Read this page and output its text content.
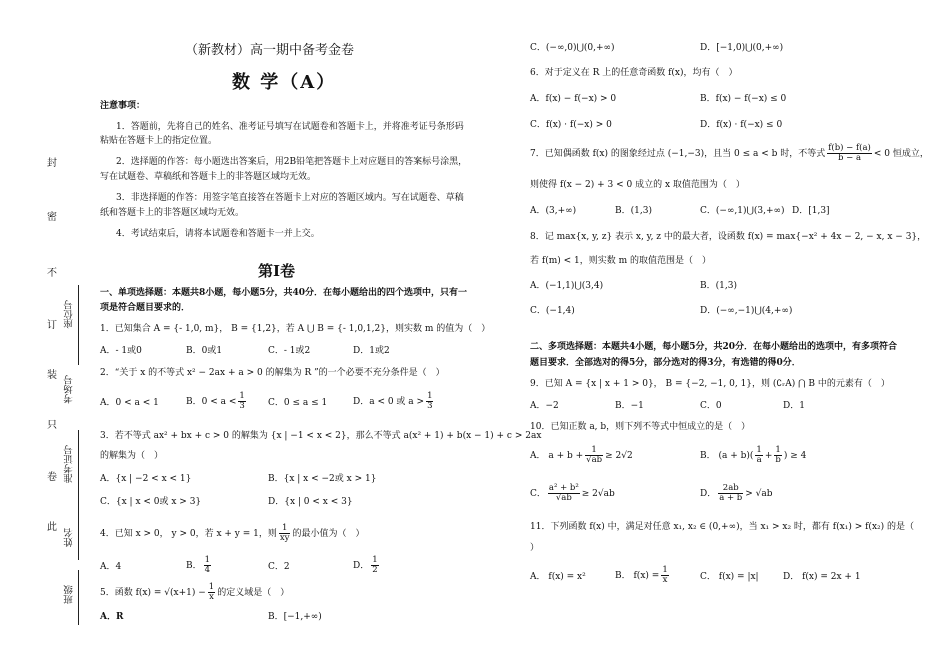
封
密
不
订
装
只
卷
此
座位号
考场号
准考证号
姓名
班级
（新教材）高一期中备考金卷
数 学（A）
注意事项：
1．答题前，先将自己的姓名、准考证号填写在试题卷和答题卡上，并将准考证号条形码
粘贴在答题卡上的指定位置。
2．选择题的作答：每小题选出答案后，用2B铅笔把答题卡上对应题目的答案标号涂黑，
写在试题卷、草稿纸和答题卡上的非答题区域均无效。
3．非选择题的作答：用签字笔直接答在答题卡上对应的答题区域内。写在试题卷、草稿
纸和答题卡上的非答题区域均无效。
4．考试结束后，请将本试题卷和答题卡一并上交。
第Ⅰ卷
一、单项选择题：本题共8小题，每小题5分，共40分．在每小题给出的四个选项中，只有一
项是符合题目要求的．
1．已知集合 A = {- 1,0, m}， B = {1,2}，若 A ⋃ B = {- 1,0,1,2}，则实数 m 的值为（　）
A．- 1或0	B．0或1	C．- 1或2	D．1或2
2．“关于 x 的不等式 x² − 2ax + a > 0 的解集为 R ”的一个必要不充分条件是（　）
A．0 < a < 1	B．$0 < a < \frac{1}{3}$ C．0 ≤ a ≤ 1	D．a < 0 或 $a > \frac{1}{3}$
3．若不等式 ax² + bx + c > 0 的解集为 {x | −1 < x < 2}，那么不等式 a(x² + 1) + b(x − 1) + c > 2ax
的解集为（　）
A．{x | −2 < x < 1}	B．{x | x < −2或 x > 1}
C．{x | x < 0或 x > 3}	D．{x | 0 < x < 3}
4．已知 x > 0， y > 0，若 x + y = 1，则 $\frac{1}{xy}$ 的最小值为（　）
A．4	B． $\frac{1}{4}$	C．2	D． $\frac{1}{2}$
5．函数 $f(x) = √(x+1) - \frac{1}{x}$ 的定义域是（　）
A．R	B．[−1,+∞)
C．(−∞,0)⋃(0,+∞)	D．[−1,0)⋃(0,+∞)
6．对于定义在 R 上的任意奇函数 f(x)，均有（　）
A．f(x) − f(−x) > 0	B．f(x) − f(−x) ≤ 0
C．f(x) · f(−x) > 0	D．f(x) · f(−x) ≤ 0
7．已知偶函数 f(x) 的图象经过点 (−1,−3)，且当 0 ≤ a < b 时，不等式 $\frac{f(b) - f(a)}{b - a} < 0$ 恒成立，
则使得 f(x − 2) + 3 < 0 成立的 x 取值范围为（　）
A．(3,+∞)	B．(1,3)	C．(−∞,1)⋃(3,+∞) D．[1,3]
8．记 max{x, y, z} 表示 x, y, z 中的最大者，设函数 f(x) = max{−x² + 4x − 2, − x, x − 3}，
若 f(m) < 1，则实数 m 的取值范围是（　）
A．(−1,1)⋃(3,4)	B．(1,3)
C．(−1,4)	D．(−∞,−1)⋃(4,+∞)
二、多项选择题：本题共4小题，每小题5分，共20分．在每小题给出的选项中，有多项符合
题目要求．全部选对的得5分，部分选对的得3分，有选错的得0分．
9．已知 A = {x | x + 1 > 0}， B = {−2, −1, 0, 1}，则 (∁ᵣA) ⋂ B 中的元素有（　）
A．−2	B．−1	C．0	D．1
10．已知正数 a, b，则下列不等式中恒成立的是（　）
A． $a + b + \frac{1}{√ab} \ge 2√2$	B． $(a + b)( \frac{1}{a} + \frac{1}{b}$ ) ≥ 4
C． $\frac{\text{a² + b²}}{√ab} \ge 2√ab$	D． $\frac{2ab}{a + b} > √ab$
11．下列函数 f(x) 中，满足对任意 x₁, x₂ ∈ (0,+∞)，当 x₁ > x₂ 时，都有 f(x₁) > f(x₂) 的是（
）
A． f(x) = x²	B． $f(x) = \frac{1}{x}$	C． f(x) = |x|	D． f(x) = 2x + 1
